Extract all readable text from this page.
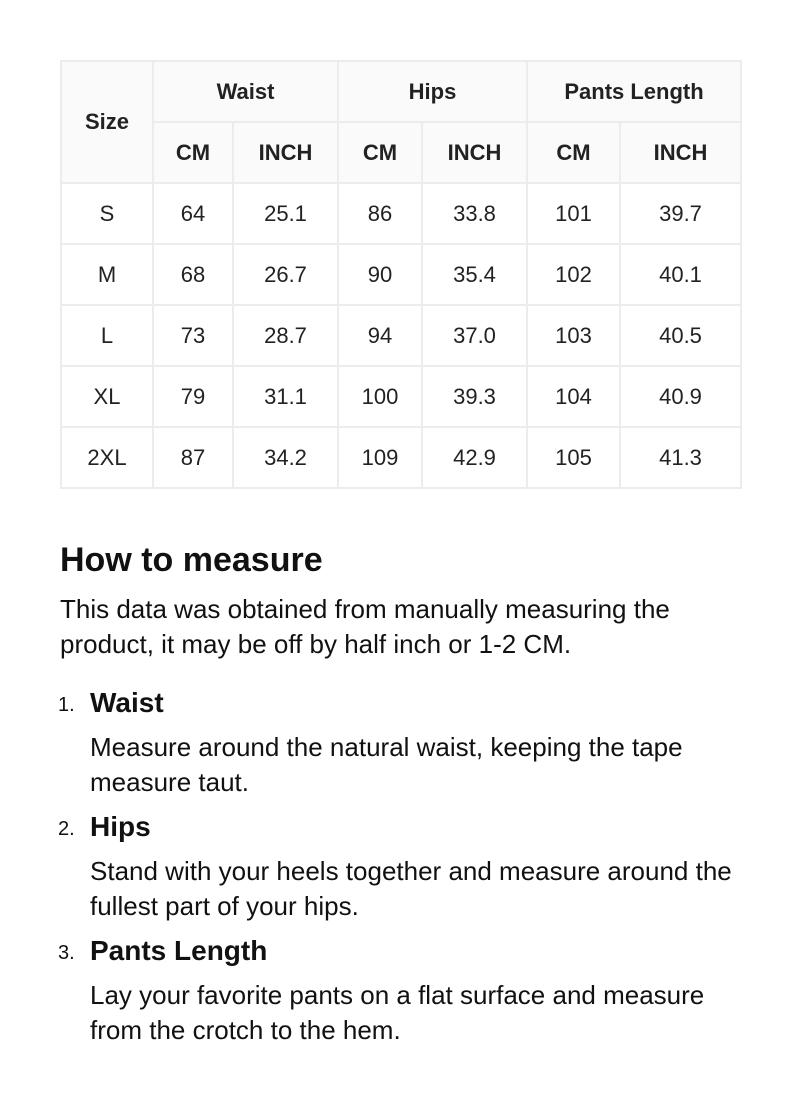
Size	Waist		Hips		Pants Length	
	CM	INCH	CM	INCH	CM	INCH
S	64	25.1	86	33.8	101	39.7
M	68	26.7	90	35.4	102	40.1
L	73	28.7	94	37.0	103	40.5
XL	79	31.1	100	39.3	104	40.9
2XL	87	34.2	109	42.9	105	41.3
How to measure

This data was obtained from manually measuring the product, it may be off by half inch or 1-2 CM.

1. Waist
Measure around the natural waist, keeping the tape measure taut.
2. Hips
Stand with your heels together and measure around the fullest part of your hips.
3. Pants Length
Lay your favorite pants on a flat surface and measure from the crotch to the hem.
